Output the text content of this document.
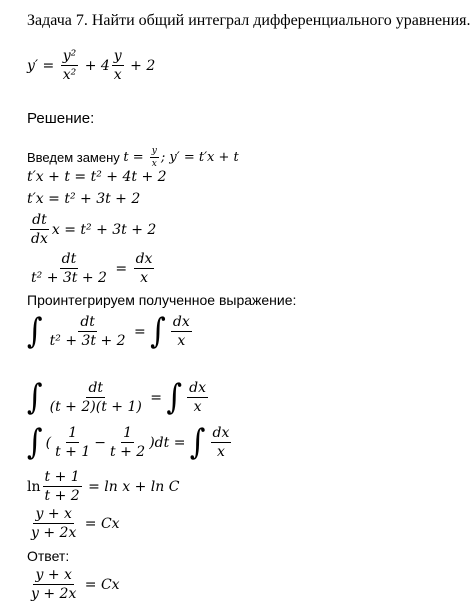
Задача 7. Найти общий интеграл дифференциального уравнения.
$y' = \frac{\text{y²}}{\text{x²}} + 4 \frac{y}{x} + 2$
Решение:
Введем замену $t = \frac{y}{x}$ ; y′ = t′x + t
t′x + t = t² + 4t + 2
t′x = t² + 3t + 2
$\frac{dt}{dx}$ x = t² + 3t + 2
$\frac{dt}{\text{t² + 3t + 2}} = \frac{dx}{x}$
Проинтегрируем полученное выражение:
∫ $\frac{dt}{\text{t² + 3t + 2}}$ = ∫ $\frac{dx}{x}$
∫ $\frac{dt}{(t + 2)(t + 1)}$ = ∫ $\frac{dx}{x}$
∫ ( $\frac{1}{t + 1} - \frac{1}{t + 2} )dt$ = ∫ $\frac{dx}{x}$
$\ln \frac{t + 1}{t + 2} = \ln x + \ln C$
$\frac{y + x}{y + 2x} = Cx$
Ответ:
$\frac{y + x}{y + 2x} = Cx$
